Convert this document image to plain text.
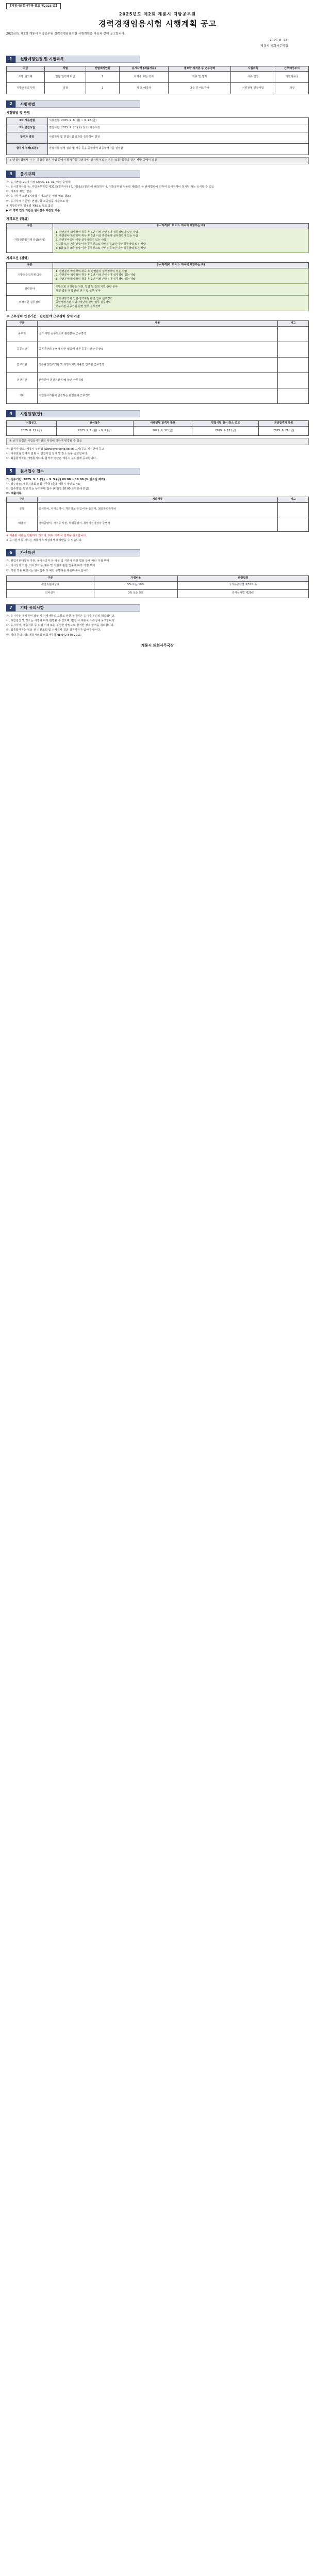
【계룡시의회사무국 공고 제2025-호】
2025년도 제2회 계룡시 지방공무원
경력경쟁임용시험 시행계획 공고
2025년도 제2회 계룡시 지방공무원 경력경쟁임용시험 시행계획을 다음과 같이 공고합니다.
2025. 8. 22.
계룡시 의회사무국장
1	선발예정인원 및 시험과목
직급	직렬	선발예정인원	응시자격 (제출서류)	필요한 자격증 등 근무경력	시험과목	근무예정부서
지방 임기제	전문 임기제 다급	1	자격증 또는 학위	학위 및 경력	서류·면접	의회사무국
지방전문임기제	의정	1	각 호 해당자	다음 중 어느하나	서류전형 면접시험	의정
2	시험방법
시험방법 및 방법
1차 서류전형	서류전형: 2025. 9. 8.(월) ~ 9. 12.(금)
2차 면접시험	면접시험: 2025. 9. 20.(토) 장소: 계룡시청
합격자 결정	서류전형 및 면접시험 결과를 종합하여 결정
합격자 결정(최종)	면접시험 평정 결과 및 배수 등을 종합하여 최종합격자를 결정함
※ 면접시험에서 '우수' 등급을 받은 사람 중에서 합격자를 결정하며, 합격자가 없는 경우 '보통' 등급을 받은 사람 중에서 결정
3	응시자격
가. 응시연령: 20세 이상 (2005. 12. 31. 이전 출생자)
나. 응시결격사유 등: 지방공무원법 제31조(결격사유) 및 제66조(정년)에 해당하거나, 지방공무원 임용령 제65조 등 관계법령에 의하여 응시자격이 정지된 자는 응시할 수 없음
다. 거주지 제한: 없음
라. 응시자격 요건 (직렬별 자격요건은 아래 별표 참조)
마. 응시자격 기준일: 면접시험 최종일을 기준으로 함
※ 지방공무원 임용령 제65조 별표 참조
▶ 각 경력 인정 기간은 원서접수 마감일 기준
자격요건 (학위)
구분	응시자격(각 호 어느 하나에 해당하는 자)
지방전문임기제 다급(의정)	1. 관련분야 석사학위 취득 후 1년 이상 관련분야 실무경력이 있는 사람
2. 관련분야 학사학위 취득 후 3년 이상 관련분야 실무경력이 있는 사람
3. 관련분야 5년 이상 실무경력이 있는 사람
4. 7급 또는 7급 상당 이상 공무원으로 관련분야 2년 이상 실무경력 있는 사람
5. 8급 또는 8급 상당 이상 공무원으로 관련분야 4년 이상 실무경력 있는 사람
자격요건 (경력)
구분	응시자격(각 호 어느 하나에 해당하는 자)
지방전문임기제 다급	1. 관련분야 박사학위 취득 후 관련분야 실무경력이 있는 사람
2. 관련분야 석사학위 취득 후 1년 이상 관련분야 실무경력 있는 사람
3. 관련분야 학사학위 취득 후 3년 이상 관련분야 실무경력 있는 사람

관련분야	지방의회 의정활동 지원, 입법 및 정책 지원 관련 분야
행정·법률·정책 관련 연구 및 실무 분야

의정지원 실무경력	국회·지방의회 입법·정책지원 관련 업무 실무경력
중앙행정기관·지방자치단체 관련 업무 실무경력
연구기관·공공기관 관련 업무 실무경력
※ 근무경력 인정기준 : 관련분야 근무경력 상세 기준
구분	내용	비고
공무원	국가·지방 공무원으로 관련분야 근무경력	
공공기관	공공기관의 운영에 관한 법률에 따른 공공기관 근무경력	
연구기관	정부출연연구기관 및 지방자치단체출연 연구원 근무경력	
민간기관	관련분야 민간기관·단체 상근 근무경력	
기타	시험실시기관이 인정하는 관련분야 근무경력	
4	시험일정(안)
시험공고	원서접수	서류전형 합격자 발표	면접시험 일시·장소 공고	최종합격자 발표
2025. 8. 22.(금)	2025. 9. 1.(월) ~ 9. 5.(금)	2025. 9. 12.(금)	2025. 9. 12.(금)	2025. 9. 26.(금)
※ 상기 일정은 시험실시기관의 사정에 의하여 변경될 수 있음
가. 합격자 발표: 계룡시 누리집 (www.gyeryong.go.kr) 고시/공고 게시판에 공고
나. 서류전형 합격자 발표 시 면접시험 일시 및 장소 등을 공고합니다.
다. 최종합격자는 개별통지하며, 합격자 명단은 계룡시 누리집에 공고합니다.
5	원서접수 접수
가. 접수기간: 2025. 9. 1.(월) ~ 9. 5.(금) 09:00 ~ 18:00 (토·일요일 제외)
나. 접수장소: 계룡시의회 의회사무국 (충남 계룡시 장안로 46)
다. 접수방법: 방문 또는 등기우편 접수 (마감일 18:00 도착분에 한함)
라. 제출서류
구분	제출서류	비고
공통	응시원서, 자기소개서, 개인정보 수집·이용 동의서, 최종학력증명서	
해당자	경력증명서, 자격증 사본, 학위증명서, 취업지원대상자 증명서	
※ 제출된 서류는 반환하지 않으며, 허위 기재 시 합격을 취소합니다.
※ 응시원서 등 서식은 계룡시 누리집에서 내려받을 수 있습니다.
6	가산특전
가. 취업지원대상자 가점: 국가유공자 등 예우 및 지원에 관한 법률 등에 따라 가점 부여
나. 의사상자 가점: 의사상자 등 예우 및 지원에 관한 법률에 따라 가점 부여
다. 가점 적용 대상자는 원서접수 시 해당 증명서를 제출하여야 합니다.
구분	가점비율	관련법령
취업지원대상자	5% 또는 10%	국가유공자법 제31조 등
의사상자	3% 또는 5%	의사상자법 제20조
7	기타 유의사항
가. 응시자는 응시원서 작성 시 기재사항의 오류로 인한 불이익은 응시자 본인의 책임입니다.
나. 시험일정 및 장소는 사정에 따라 변경될 수 있으며, 변경 시 계룡시 누리집에 공고합니다.
다. 응시자격, 제출서류 등 허위 기재 또는 부정한 방법으로 합격한 경우 합격을 취소합니다.
라. 최종합격자는 임용 전 신원조회 및 신체검사 결과 결격사유가 없어야 합니다.
마. 기타 문의사항: 계룡시의회 의회사무국 ☎ 042-840-2911
계룡시 의회사무국장
